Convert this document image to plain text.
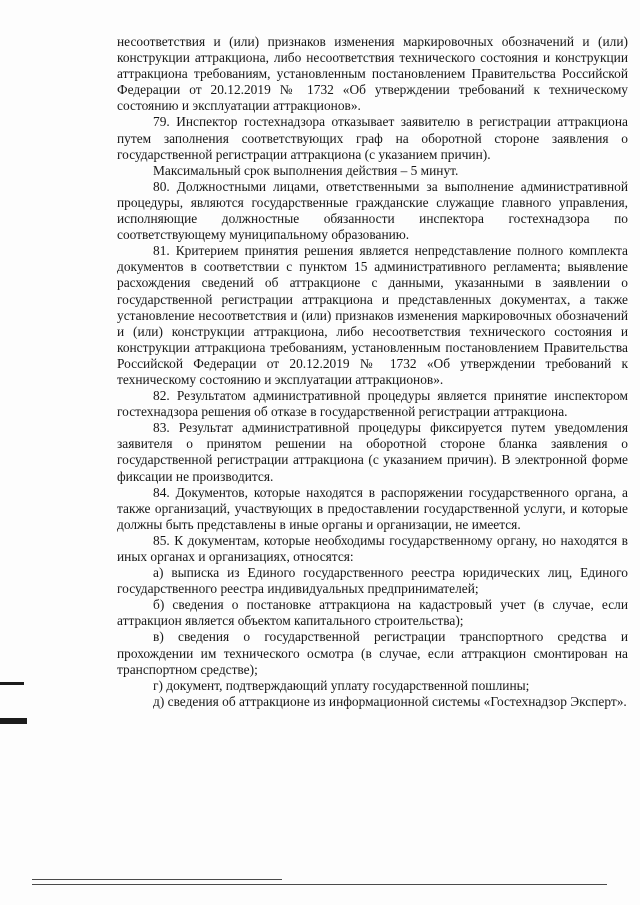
несоответствия и (или) признаков изменения маркировочных обозначений и (или) конструкции аттракциона, либо несоответствия технического состояния и конструкции аттракциона требованиям, установленным постановлением Правительства Российской Федерации от 20.12.2019 № 1732 «Об утверждении требований к техническому состоянию и эксплуатации аттракционов».

79. Инспектор гостехнадзора отказывает заявителю в регистрации аттракциона путем заполнения соответствующих граф на оборотной стороне заявления о государственной регистрации аттракциона (с указанием причин).

Максимальный срок выполнения действия – 5 минут.

80. Должностными лицами, ответственными за выполнение административной процедуры, являются государственные гражданские служащие главного управления, исполняющие должностные обязанности инспектора гостехнадзора по соответствующему муниципальному образованию.

81. Критерием принятия решения является непредставление полного комплекта документов в соответствии с пунктом 15 административного регламента; выявление расхождения сведений об аттракционе с данными, указанными в заявлении о государственной регистрации аттракциона и представленных документах, а также установление несоответствия и (или) признаков изменения маркировочных обозначений и (или) конструкции аттракциона, либо несоответствия технического состояния и конструкции аттракциона требованиям, установленным постановлением Правительства Российской Федерации от 20.12.2019 № 1732 «Об утверждении требований к техническому состоянию и эксплуатации аттракционов».

82. Результатом административной процедуры является принятие инспектором гостехнадзора решения об отказе в государственной регистрации аттракциона.

83. Результат административной процедуры фиксируется путем уведомления заявителя о принятом решении на оборотной стороне бланка заявления о государственной регистрации аттракциона (с указанием причин). В электронной форме фиксации не производится.

84. Документов, которые находятся в распоряжении государственного органа, а также организаций, участвующих в предоставлении государственной услуги, и которые должны быть представлены в иные органы и организации, не имеется.

85. К документам, которые необходимы государственному органу, но находятся в иных органах и организациях, относятся:

а) выписка из Единого государственного реестра юридических лиц, Единого государственного реестра индивидуальных предпринимателей;

б) сведения о постановке аттракциона на кадастровый учет (в случае, если аттракцион является объектом капитального строительства);

в) сведения о государственной регистрации транспортного средства и прохождении им технического осмотра (в случае, если аттракцион смонтирован на транспортном средстве);

г) документ, подтверждающий уплату государственной пошлины;

д) сведения об аттракционе из информационной системы «Гостехнадзор Эксперт».
